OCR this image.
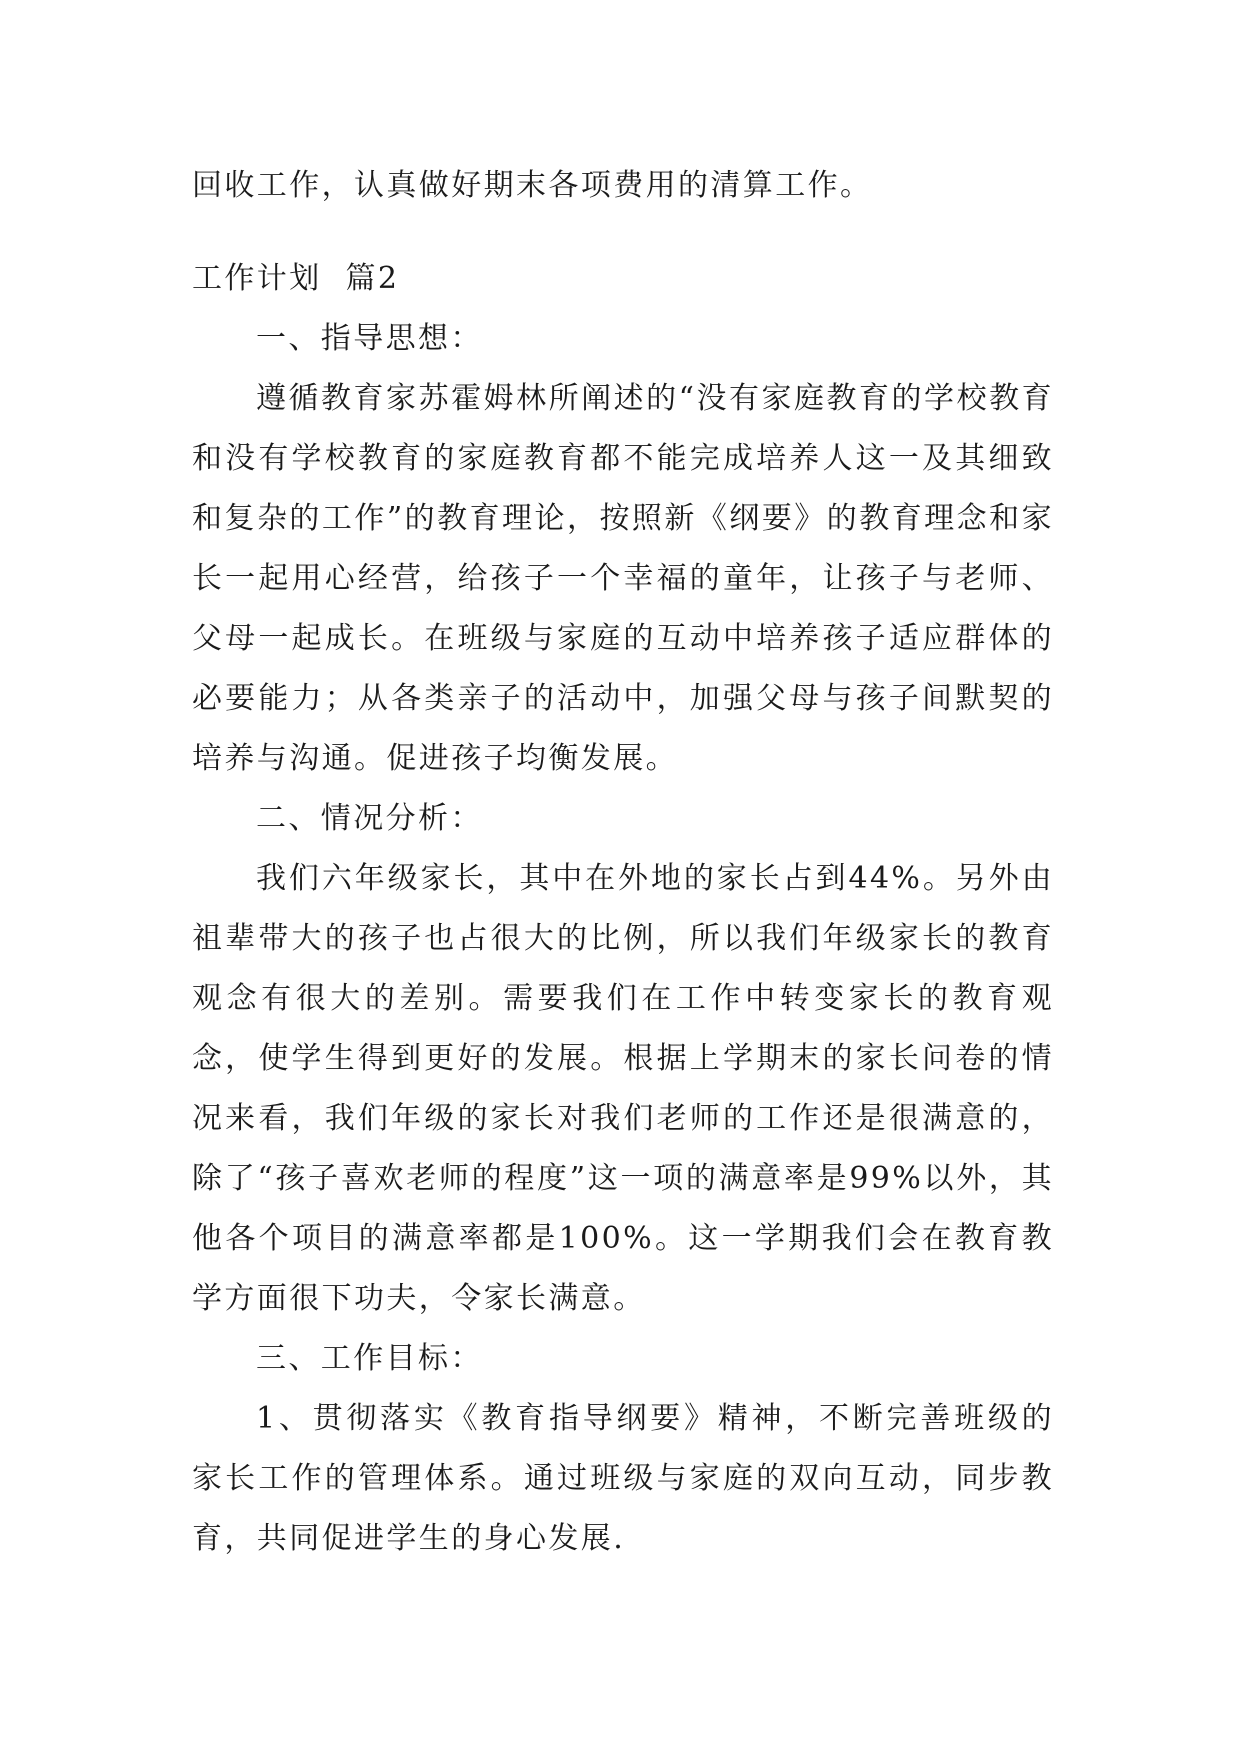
回收工作，认真做好期末各项费用的清算工作。

工作计划  篇2

一、指导思想：

遵循教育家苏霍姆林所阐述的“没有家庭教育的学校教育和没有学校教育的家庭教育都不能完成培养人这一及其细致和复杂的工作”的教育理论，按照新《纲要》的教育理念和家长一起用心经营，给孩子一个幸福的童年，让孩子与老师、父母一起成长。在班级与家庭的互动中培养孩子适应群体的必要能力；从各类亲子的活动中，加强父母与孩子间默契的培养与沟通。促进孩子均衡发展。

二、情况分析：

我们六年级家长，其中在外地的家长占到44%。另外由祖辈带大的孩子也占很大的比例，所以我们年级家长的教育观念有很大的差别。需要我们在工作中转变家长的教育观念，使学生得到更好的发展。根据上学期末的家长问卷的情况来看，我们年级的家长对我们老师的工作还是很满意的，除了“孩子喜欢老师的程度”这一项的满意率是99%以外，其他各个项目的满意率都是100%。这一学期我们会在教育教学方面很下功夫，令家长满意。

三、工作目标：

1、贯彻落实《教育指导纲要》精神，不断完善班级的家长工作的管理体系。通过班级与家庭的双向互动，同步教育，共同促进学生的身心发展.
